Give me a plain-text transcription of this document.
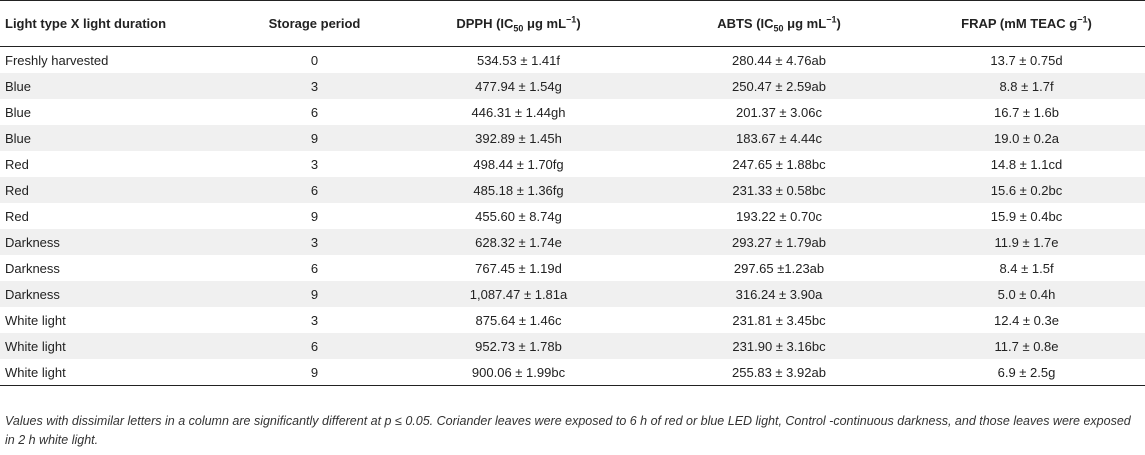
Light type X light duration	Storage period	DPPH ($IC_{50}$ μg $mL^{-1}$)	ABTS ($IC_{50}$ μg $mL^{-1}$)	FRAP (mM TEAC $g^{-1}$)
Freshly harvested	0	534.53 ± 1.41f	280.44 ± 4.76ab	13.7 ± 0.75d
Blue	3	477.94 ± 1.54g	250.47 ± 2.59ab	8.8 ± 1.7f
Blue	6	446.31 ± 1.44gh	201.37 ± 3.06c	16.7 ± 1.6b
Blue	9	392.89 ± 1.45h	183.67 ± 4.44c	19.0 ± 0.2a
Red	3	498.44 ± 1.70fg	247.65 ± 1.88bc	14.8 ± 1.1cd
Red	6	485.18 ± 1.36fg	231.33 ± 0.58bc	15.6 ± 0.2bc
Red	9	455.60 ± 8.74g	193.22 ± 0.70c	15.9 ± 0.4bc
Darkness	3	628.32 ± 1.74e	293.27 ± 1.79ab	11.9 ± 1.7e
Darkness	6	767.45 ± 1.19d	297.65 ±1.23ab	8.4 ± 1.5f
Darkness	9	1,087.47 ± 1.81a	316.24 ± 3.90a	5.0 ± 0.4h
White light	3	875.64 ± 1.46c	231.81 ± 3.45bc	12.4 ± 0.3e
White light	6	952.73 ± 1.78b	231.90 ± 3.16bc	11.7 ± 0.8e
White light	9	900.06 ± 1.99bc	255.83 ± 3.92ab	6.9 ± 2.5g
Values with dissimilar letters in a column are significantly different at p ≤ 0.05. Coriander leaves were exposed to 6 h of red or blue LED light, Control -continuous darkness, and those leaves were exposed in 2 h white light.
